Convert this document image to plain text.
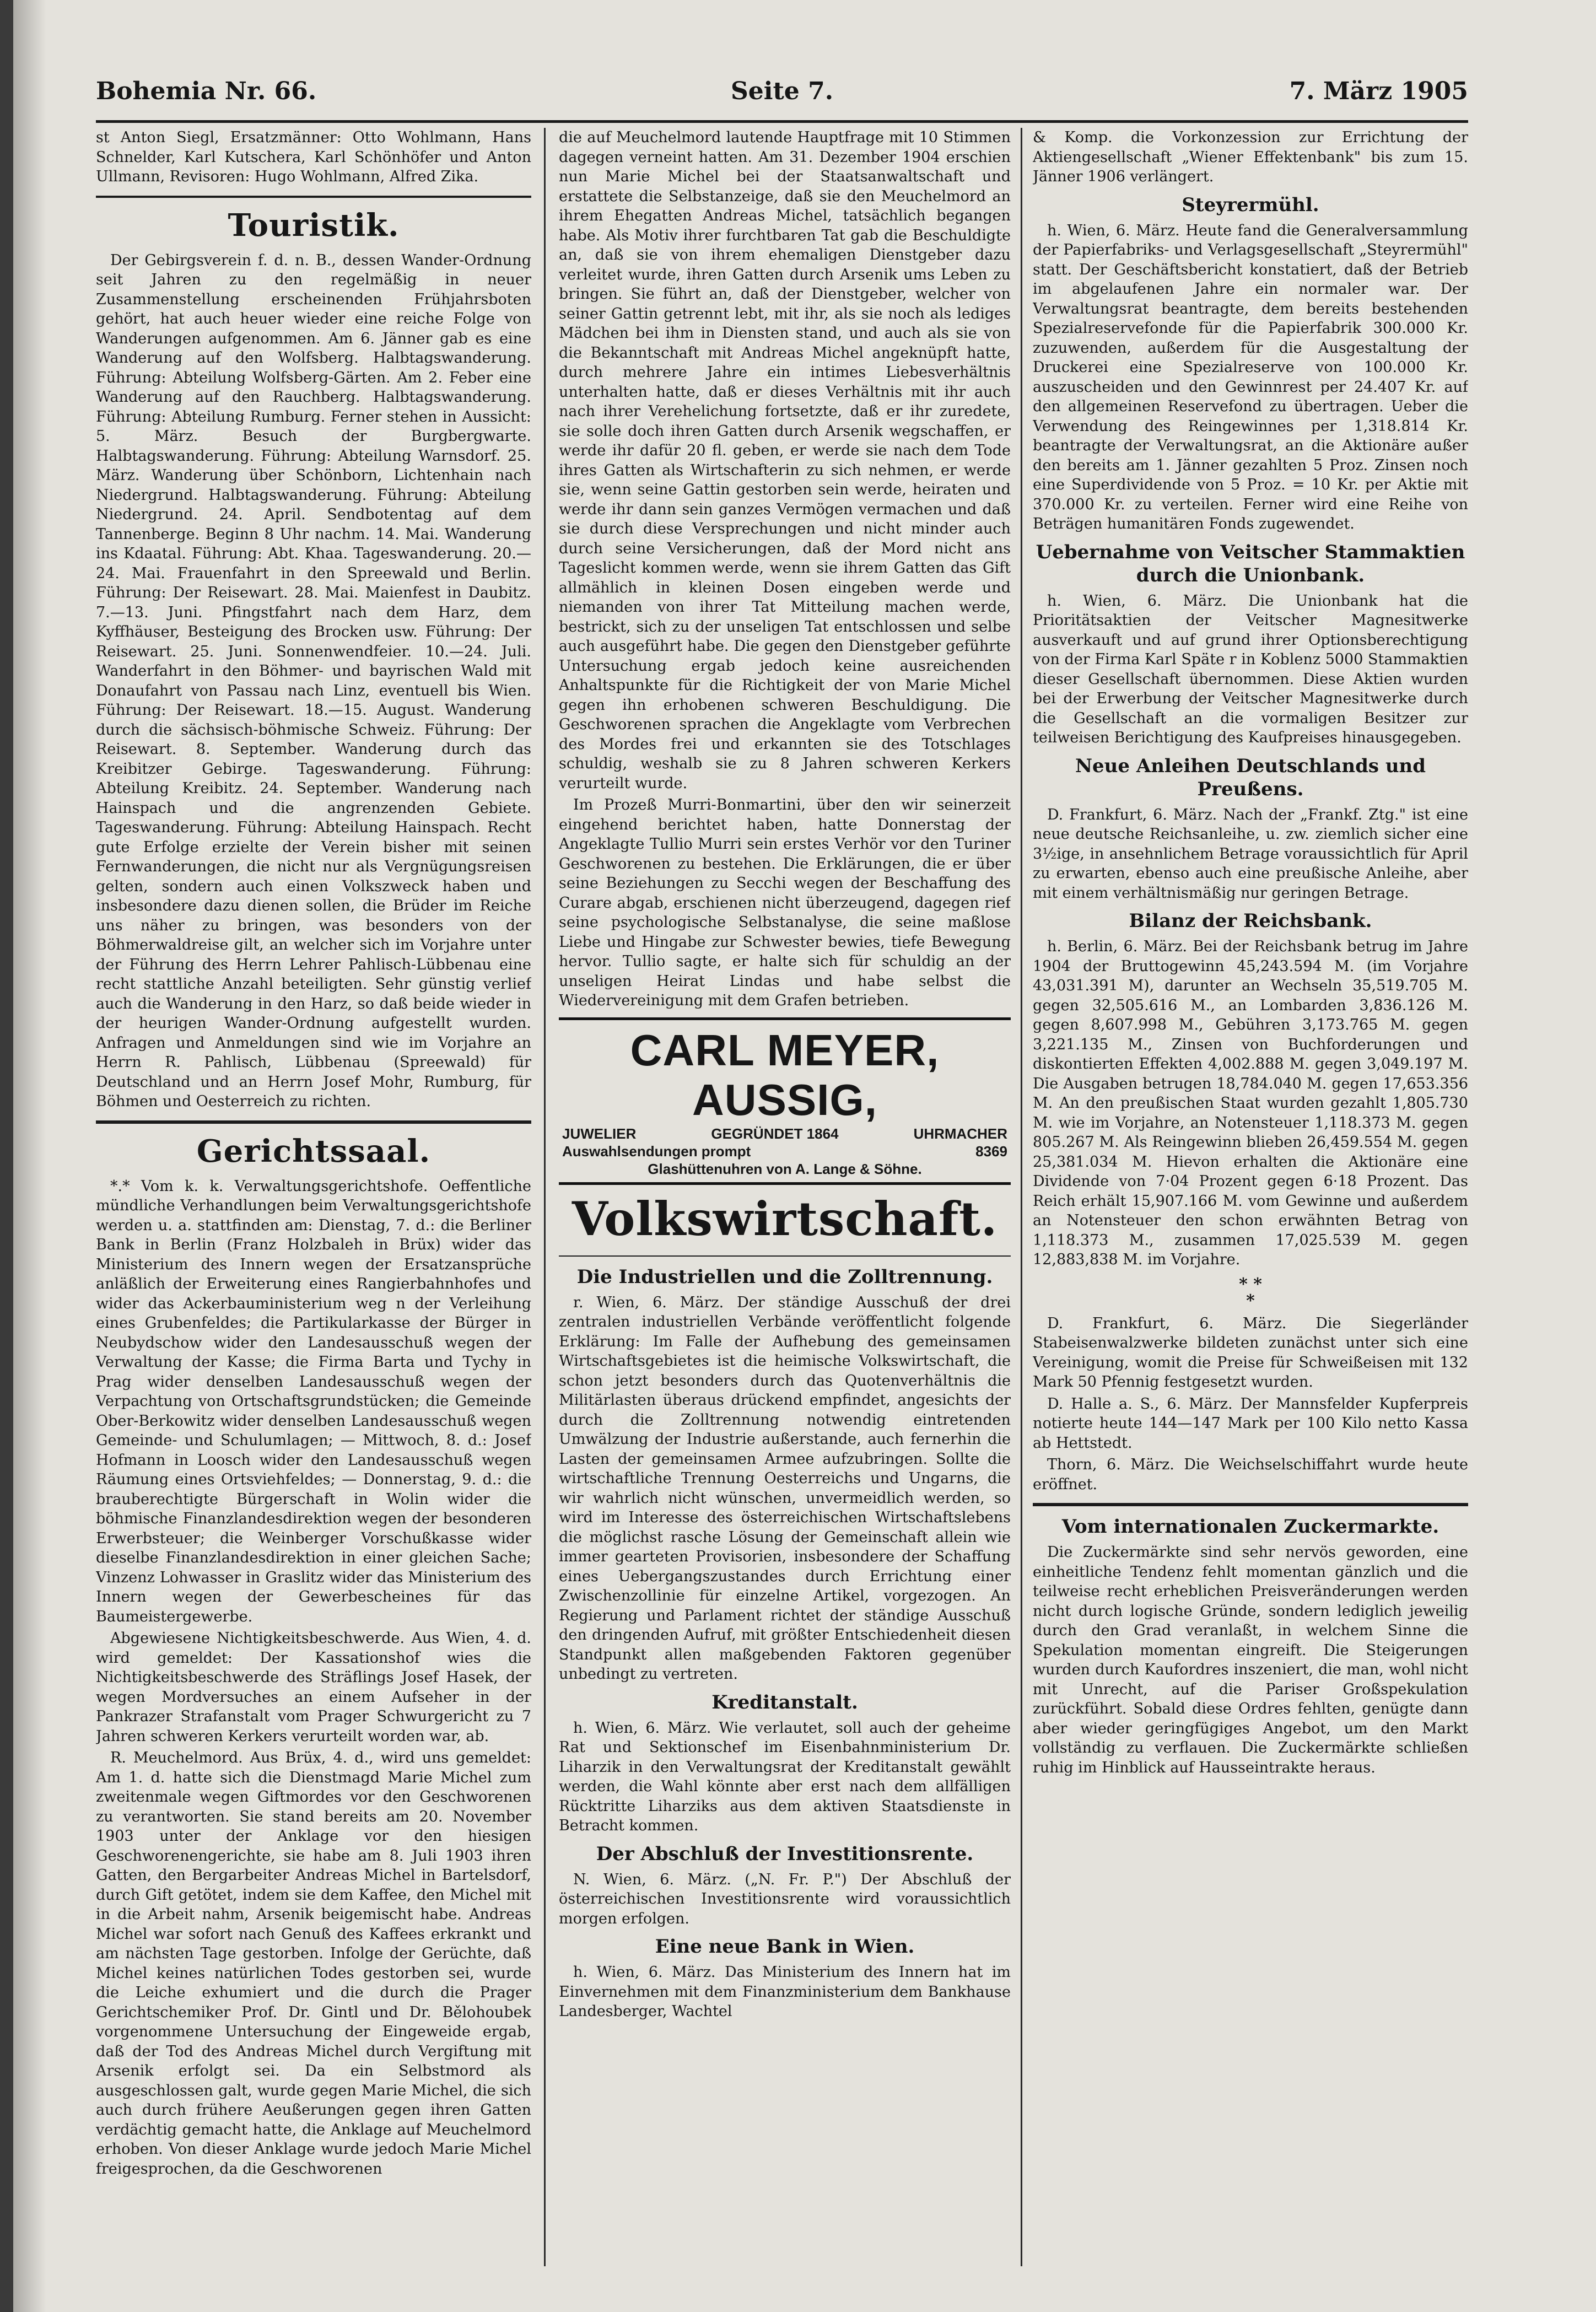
Bohemia Nr. 66.	Seite 7.	7. März 1905

st Anton Siegl, Ersatzmänner: Otto Wohlmann, Hans Schnelder, Karl Kutschera, Karl Schönhöfer und Anton Ullmann, Revisoren: Hugo Wohlmann, Alfred Zika.

Touristik.

Der Gebirgsverein f. d. n. B., dessen Wander-Ordnung seit Jahren zu den regelmäßig in neuer Zusammenstellung erscheinenden Frühjahrsboten gehört, hat auch heuer wieder eine reiche Folge von Wanderungen aufgenommen. Am 6. Jänner gab es eine Wanderung auf den Wolfsberg. Halbtagswanderung. Führung: Abteilung Wolfsberg-Gärten. Am 2. Feber eine Wanderung auf den Rauchberg. Halbtagswanderung. Führung: Abteilung Rumburg. Ferner stehen in Aussicht: 5. März. Besuch der Burgbergwarte. Halbtagswanderung. Führung: Abteilung Warnsdorf. 25. März. Wanderung über Schönborn, Lichtenhain nach Niedergrund. Halbtagswanderung. Führung: Abteilung Niedergrund. 24. April. Sendbotentag auf dem Tannenberge. Beginn 8 Uhr nachm. 14. Mai. Wanderung ins Kdaatal. Führung: Abt. Khaa. Tageswanderung. 20.—24. Mai. Frauenfahrt in den Spreewald und Berlin. Führung: Der Reisewart. 28. Mai. Maienfest in Daubitz. 7.—13. Juni. Pfingstfahrt nach dem Harz, dem Kyffhäuser, Besteigung des Brocken usw. Führung: Der Reisewart. 25. Juni. Sonnenwendfeier. 10.—24. Juli. Wanderfahrt in den Böhmer- und bayrischen Wald mit Donaufahrt von Passau nach Linz, eventuell bis Wien. Führung: Der Reisewart. 18.—15. August. Wanderung durch die sächsisch-böhmische Schweiz. Führung: Der Reisewart. 8. September. Wanderung durch das Kreibitzer Gebirge. Tageswanderung. Führung: Abteilung Kreibitz. 24. September. Wanderung nach Hainspach und die angrenzenden Gebiete. Tageswanderung. Führung: Abteilung Hainspach. Recht gute Erfolge erzielte der Verein bisher mit seinen Fernwanderungen, die nicht nur als Vergnügungsreisen gelten, sondern auch einen Volkszweck haben und insbesondere dazu dienen sollen, die Brüder im Reiche uns näher zu bringen, was besonders von der Böhmerwaldreise gilt, an welcher sich im Vorjahre unter der Führung des Herrn Lehrer Pahlisch-Lübbenau eine recht stattliche Anzahl beteiligten. Sehr günstig verlief auch die Wanderung in den Harz, so daß beide wieder in der heurigen Wander-Ordnung aufgestellt wurden. Anfragen und Anmeldungen sind wie im Vorjahre an Herrn R. Pahlisch, Lübbenau (Spreewald) für Deutschland und an Herrn Josef Mohr, Rumburg, für Böhmen und Oesterreich zu richten.

Gerichtssaal.

*.* Vom k. k. Verwaltungsgerichtshofe. Oeffentliche mündliche Verhandlungen beim Verwaltungsgerichtshofe werden u. a. stattfinden am: Dienstag, 7. d.: die Berliner Bank in Berlin (Franz Holzbaleh in Brüx) wider das Ministerium des Innern wegen der Ersatzansprüche anläßlich der Erweiterung eines Rangierbahnhofes und wider das Ackerbauministerium weg n der Verleihung eines Grubenfeldes; die Partikularkasse der Bürger in Neubydschow wider den Landesausschuß wegen der Verwaltung der Kasse; die Firma Barta und Tychy in Prag wider denselben Landesausschuß wegen der Verpachtung von Ortschaftsgrundstücken; die Gemeinde Ober-Berkowitz wider denselben Landesausschuß wegen Gemeinde- und Schulumlagen; — Mittwoch, 8. d.: Josef Hofmann in Loosch wider den Landesausschuß wegen Räumung eines Ortsviehfeldes; — Donnerstag, 9. d.: die brauberechtigte Bürgerschaft in Wolin wider die böhmische Finanzlandesdirektion wegen der besonderen Erwerbsteuer; die Weinberger Vorschußkasse wider dieselbe Finanzlandesdirektion in einer gleichen Sache; Vinzenz Lohwasser in Graslitz wider das Ministerium des Innern wegen der Gewerbescheines für das Baumeistergewerbe.

Abgewiesene Nichtigkeitsbeschwerde. Aus Wien, 4. d. wird gemeldet: Der Kassationshof wies die Nichtigkeitsbeschwerde des Sträflings Josef Hasek, der wegen Mordversuches an einem Aufseher in der Pankrazer Strafanstalt vom Prager Schwurgericht zu 7 Jahren schweren Kerkers verurteilt worden war, ab.

R. Meuchelmord. Aus Brüx, 4. d., wird uns gemeldet: Am 1. d. hatte sich die Dienstmagd Marie Michel zum zweitenmale wegen Giftmordes vor den Geschworenen zu verantworten. Sie stand bereits am 20. November 1903 unter der Anklage vor den hiesigen Geschworenengerichte, sie habe am 8. Juli 1903 ihren Gatten, den Bergarbeiter Andreas Michel in Bartelsdorf, durch Gift getötet, indem sie dem Kaffee, den Michel mit in die Arbeit nahm, Arsenik beigemischt habe. Andreas Michel war sofort nach Genuß des Kaffees erkrankt und am nächsten Tage gestorben. Infolge der Gerüchte, daß Michel keines natürlichen Todes gestorben sei, wurde die Leiche exhumiert und die durch die Prager Gerichtschemiker Prof. Dr. Gintl und Dr. Bělohoubek vorgenommene Untersuchung der Eingeweide ergab, daß der Tod des Andreas Michel durch Vergiftung mit Arsenik erfolgt sei. Da ein Selbstmord als ausgeschlossen galt, wurde gegen Marie Michel, die sich auch durch frühere Aeußerungen gegen ihren Gatten verdächtig gemacht hatte, die Anklage auf Meuchelmord erhoben. Von dieser Anklage wurde jedoch Marie Michel freigesprochen, da die Geschworenen

die auf Meuchelmord lautende Hauptfrage mit 10 Stimmen dagegen verneint hatten. Am 31. Dezember 1904 erschien nun Marie Michel bei der Staatsanwaltschaft und erstattete die Selbstanzeige, daß sie den Meuchelmord an ihrem Ehegatten Andreas Michel, tatsächlich begangen habe. Als Motiv ihrer furchtbaren Tat gab die Beschuldigte an, daß sie von ihrem ehemaligen Dienstgeber dazu verleitet wurde, ihren Gatten durch Arsenik ums Leben zu bringen. Sie führt an, daß der Dienstgeber, welcher von seiner Gattin getrennt lebt, mit ihr, als sie noch als lediges Mädchen bei ihm in Diensten stand, und auch als sie von die Bekanntschaft mit Andreas Michel angeknüpft hatte, durch mehrere Jahre ein intimes Liebesverhältnis unterhalten hatte, daß er dieses Verhältnis mit ihr auch nach ihrer Verehelichung fortsetzte, daß er ihr zuredete, sie solle doch ihren Gatten durch Arsenik wegschaffen, er werde ihr dafür 20 fl. geben, er werde sie nach dem Tode ihres Gatten als Wirtschafterin zu sich nehmen, er werde sie, wenn seine Gattin gestorben sein werde, heiraten und werde ihr dann sein ganzes Vermögen vermachen und daß sie durch diese Versprechungen und nicht minder auch durch seine Versicherungen, daß der Mord nicht ans Tageslicht kommen werde, wenn sie ihrem Gatten das Gift allmählich in kleinen Dosen eingeben werde und niemanden von ihrer Tat Mitteilung machen werde, bestrickt, sich zu der unseligen Tat entschlossen und selbe auch ausgeführt habe. Die gegen den Dienstgeber geführte Untersuchung ergab jedoch keine ausreichenden Anhaltspunkte für die Richtigkeit der von Marie Michel gegen ihn erhobenen schweren Beschuldigung. Die Geschworenen sprachen die Angeklagte vom Verbrechen des Mordes frei und erkannten sie des Totschlages schuldig, weshalb sie zu 8 Jahren schweren Kerkers verurteilt wurde.

Im Prozeß Murri-Bonmartini, über den wir seinerzeit eingehend berichtet haben, hatte Donnerstag der Angeklagte Tullio Murri sein erstes Verhör vor den Turiner Geschworenen zu bestehen. Die Erklärungen, die er über seine Beziehungen zu Secchi wegen der Beschaffung des Curare abgab, erschienen nicht überzeugend, dagegen rief seine psychologische Selbstanalyse, die seine maßlose Liebe und Hingabe zur Schwester bewies, tiefe Bewegung hervor. Tullio sagte, er halte sich für schuldig an der unseligen Heirat Lindas und habe selbst die Wiedervereinigung mit dem Grafen betrieben.

CARL MEYER, AUSSIG,
JUWELIER	GEGRÜNDET 1864	UHRMACHER
Auswahlsendungen prompt	8369
Glashüttenuhren von A. Lange & Söhne.
Volkswirtschaft.
Die Industriellen und die Zolltrennung.

r. Wien, 6. März. Der ständige Ausschuß der drei zentralen industriellen Verbände veröffentlicht folgende Erklärung: Im Falle der Aufhebung des gemeinsamen Wirtschaftsgebietes ist die heimische Volkswirtschaft, die schon jetzt besonders durch das Quotenverhältnis die Militärlasten überaus drückend empfindet, angesichts der durch die Zolltrennung notwendig eintretenden Umwälzung der Industrie außerstande, auch fernerhin die Lasten der gemeinsamen Armee aufzubringen. Sollte die wirtschaftliche Trennung Oesterreichs und Ungarns, die wir wahrlich nicht wünschen, unvermeidlich werden, so wird im Interesse des österreichischen Wirtschaftslebens die möglichst rasche Lösung der Gemeinschaft allein wie immer gearteten Provisorien, insbesondere der Schaffung eines Uebergangszustandes durch Errichtung einer Zwischenzollinie für einzelne Artikel, vorgezogen. An Regierung und Parlament richtet der ständige Ausschuß den dringenden Aufruf, mit größter Entschiedenheit diesen Standpunkt allen maßgebenden Faktoren gegenüber unbedingt zu vertreten.

Kreditanstalt.

h. Wien, 6. März. Wie verlautet, soll auch der geheime Rat und Sektionschef im Eisenbahnministerium Dr. Liharzik in den Verwaltungsrat der Kreditanstalt gewählt werden, die Wahl könnte aber erst nach dem allfälligen Rücktritte Liharziks aus dem aktiven Staatsdienste in Betracht kommen.

Der Abschluß der Investitionsrente.

N. Wien, 6. März. („N. Fr. P.") Der Abschluß der österreichischen Investitionsrente wird voraussichtlich morgen erfolgen.

Eine neue Bank in Wien.

h. Wien, 6. März. Das Ministerium des Innern hat im Einvernehmen mit dem Finanzministerium dem Bankhause Landesberger, Wachtel

& Komp. die Vorkonzession zur Errichtung der Aktiengesellschaft „Wiener Effektenbank" bis zum 15. Jänner 1906 verlängert.

Steyrermühl.

h. Wien, 6. März. Heute fand die Generalversammlung der Papierfabriks- und Verlagsgesellschaft „Steyrermühl" statt. Der Geschäftsbericht konstatiert, daß der Betrieb im abgelaufenen Jahre ein normaler war. Der Verwaltungsrat beantragte, dem bereits bestehenden Spezialreservefonde für die Papierfabrik 300.000 Kr. zuzuwenden, außerdem für die Ausgestaltung der Druckerei eine Spezialreserve von 100.000 Kr. auszuscheiden und den Gewinnrest per 24.407 Kr. auf den allgemeinen Reservefond zu übertragen. Ueber die Verwendung des Reingewinnes per 1,318.814 Kr. beantragte der Verwaltungsrat, an die Aktionäre außer den bereits am 1. Jänner gezahlten 5 Proz. Zinsen noch eine Superdividende von 5 Proz. = 10 Kr. per Aktie mit 370.000 Kr. zu verteilen. Ferner wird eine Reihe von Beträgen humanitären Fonds zugewendet.

Uebernahme von Veitscher Stammaktien durch die Unionbank.

h. Wien, 6. März. Die Unionbank hat die Prioritätsaktien der Veitscher Magnesitwerke ausverkauft und auf grund ihrer Optionsberechtigung von der Firma Karl Späte r in Koblenz 5000 Stammaktien dieser Gesellschaft übernommen. Diese Aktien wurden bei der Erwerbung der Veitscher Magnesitwerke durch die Gesellschaft an die vormaligen Besitzer zur teilweisen Berichtigung des Kaufpreises hinausgegeben.

Neue Anleihen Deutschlands und Preußens.

D. Frankfurt, 6. März. Nach der „Frankf. Ztg." ist eine neue deutsche Reichsanleihe, u. zw. ziemlich sicher eine 3½ige, in ansehnlichem Betrage voraussichtlich für April zu erwarten, ebenso auch eine preußische Anleihe, aber mit einem verhältnismäßig nur geringen Betrage.

Bilanz der Reichsbank.

h. Berlin, 6. März. Bei der Reichsbank betrug im Jahre 1904 der Bruttogewinn 45,243.594 M. (im Vorjahre 43,031.391 M), darunter an Wechseln 35,519.705 M. gegen 32,505.616 M., an Lombarden 3,836.126 M. gegen 8,607.998 M., Gebühren 3,173.765 M. gegen 3,221.135 M., Zinsen von Buchforderungen und diskontierten Effekten 4,002.888 M. gegen 3,049.197 M. Die Ausgaben betrugen 18,784.040 M. gegen 17,653.356 M. An den preußischen Staat wurden gezahlt 1,805.730 M. wie im Vorjahre, an Notensteuer 1,118.373 M. gegen 805.267 M. Als Reingewinn blieben 26,459.554 M. gegen 25,381.034 M. Hievon erhalten die Aktionäre eine Dividende von 7·04 Prozent gegen 6·18 Prozent. Das Reich erhält 15,907.166 M. vom Gewinne und außerdem an Notensteuer den schon erwähnten Betrag von 1,118.373 M., zusammen 17,025.539 M. gegen 12,883,838 M. im Vorjahre.

* *
*

D. Frankfurt, 6. März. Die Siegerländer Stabeisenwalzwerke bildeten zunächst unter sich eine Vereinigung, womit die Preise für Schweißeisen mit 132 Mark 50 Pfennig festgesetzt wurden.

D. Halle a. S., 6. März. Der Mannsfelder Kupferpreis notierte heute 144—147 Mark per 100 Kilo netto Kassa ab Hettstedt.

Thorn, 6. März. Die Weichselschiffahrt wurde heute eröffnet.

Vom internationalen Zuckermarkte.

Die Zuckermärkte sind sehr nervös geworden, eine einheitliche Tendenz fehlt momentan gänzlich und die teilweise recht erheblichen Preisveränderungen werden nicht durch logische Gründe, sondern lediglich jeweilig durch den Grad veranlaßt, in welchem Sinne die Spekulation momentan eingreift. Die Steigerungen wurden durch Kaufordres inszeniert, die man, wohl nicht mit Unrecht, auf die Pariser Großspekulation zurückführt. Sobald diese Ordres fehlten, genügte dann aber wieder geringfügiges Angebot, um den Markt vollständig zu verflauen. Die Zuckermärkte schließen ruhig im Hinblick auf Hausseintrakte heraus.
